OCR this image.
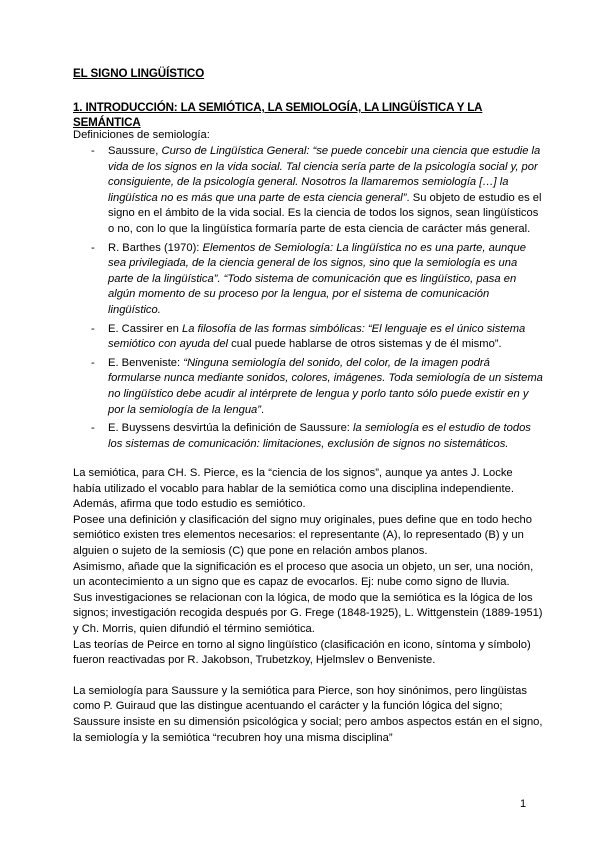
EL SIGNO LINGÜÍSTICO
1. INTRODUCCIÓN: LA SEMIÓTICA, LA SEMIOLOGÍA, LA LINGÜÍSTICA Y LA SEMÁNTICA
Definiciones de semiología:
- Saussure, Curso de Lingüística General: “se puede concebir una ciencia que estudie la vida de los signos en la vida social. Tal ciencia sería parte de la psicología social y, por consiguiente, de la psicología general. Nosotros la llamaremos semiología […] la lingüística no es más que una parte de esta ciencia general”. Su objeto de estudio es el signo en el ámbito de la vida social. Es la ciencia de todos los signos, sean lingüísticos o no, con lo que la lingüística formaría parte de esta ciencia de carácter más general.
- R. Barthes (1970): Elementos de Semiología: La lingüística no es una parte, aunque sea privilegiada, de la ciencia general de los signos, sino que la semiología es una parte de la lingüística”. “Todo sistema de comunicación que es lingüístico, pasa en algún momento de su proceso por la lengua, por el sistema de comunicación lingüístico.
- E. Cassirer en La filosofía de las formas simbólicas: “El lenguaje es el único sistema semiótico con ayuda del cual puede hablarse de otros sistemas y de él mismo”.
- E. Benveniste: “Ninguna semiología del sonido, del color, de la imagen podrá formularse nunca mediante sonidos, colores, imágenes. Toda semiología de un sistema no lingüístico debe acudir al intérprete de lengua y porlo tanto sólo puede existir en y por la semiología de la lengua”.
- E. Buyssens desvirtúa la definición de Saussure: la semiología es el estudio de todos los sistemas de comunicación: limitaciones, exclusión de signos no sistemáticos.

La semiótica, para CH. S. Pierce, es la “ciencia de los signos”, aunque ya antes J. Locke había utilizado el vocablo para hablar de la semiótica como una disciplina independiente. Además, afirma que todo estudio es semiótico.

Posee una definición y clasificación del signo muy originales, pues define que en todo hecho semiótico existen tres elementos necesarios: el representante (A), lo representado (B) y un alguien o sujeto de la semiosis (C) que pone en relación ambos planos.

Asimismo, añade que la significación es el proceso que asocia un objeto, un ser, una noción, un acontecimiento a un signo que es capaz de evocarlos. Ej: nube como signo de lluvia.

Sus investigaciones se relacionan con la lógica, de modo que la semiótica es la lógica de los signos; investigación recogida después por G. Frege (1848-1925), L. Wittgenstein (1889-1951) y Ch. Morris, quien difundió el término semiótica.

Las teorías de Peirce en torno al signo lingüístico (clasificación en icono, síntoma y símbolo) fueron reactivadas por R. Jakobson, Trubetzkoy, Hjelmslev o Benveniste.

La semiología para Saussure y la semiótica para Pierce, son hoy sinónimos, pero lingüistas como P. Guiraud que las distingue acentuando el carácter y la función lógica del signo; Saussure insiste en su dimensión psicológica y social; pero ambos aspectos están en el signo, la semiología y la semiótica “recubren hoy una misma disciplina”

1
